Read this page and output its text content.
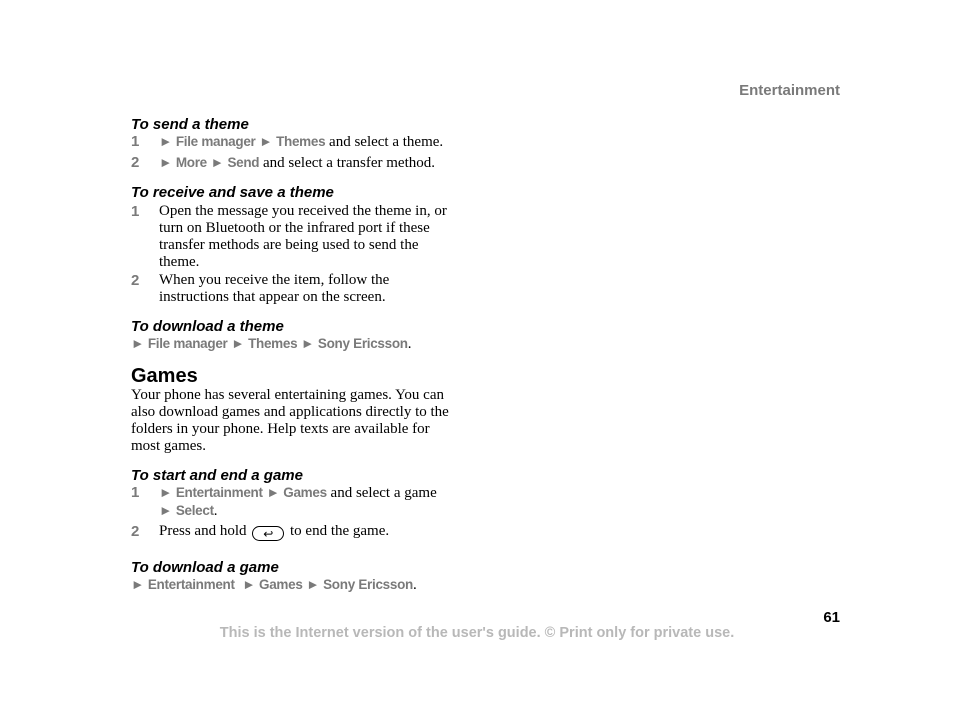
Entertainment

To send a theme

1 ► File manager ► Themes and select a theme.
2 ► More ► Send and select a transfer method.

To receive and save a theme

1 Open the message you received the theme in, or turn on Bluetooth or the infrared port if these transfer methods are being used to send the theme.
2 When you receive the item, follow the instructions that appear on the screen.

To download a theme

► File manager ► Themes ► Sony Ericsson.

Games

Your phone has several entertaining games. You can also download games and applications directly to the folders in your phone. Help texts are available for most games.

To start and end a game

1 ► Entertainment ► Games and select a game
► Select.
2 Press and hold ↩ to end the game.

To download a game

► Entertainment ► Games ► Sony Ericsson.
61
This is the Internet version of the user's guide. © Print only for private use.
